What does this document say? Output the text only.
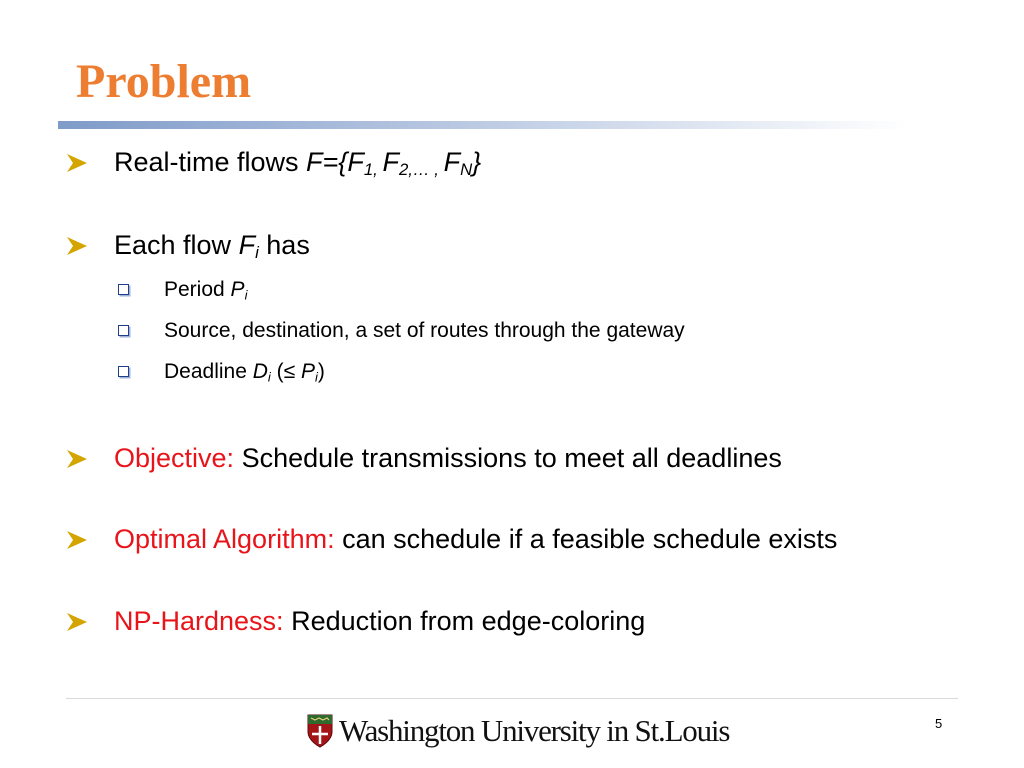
Problem
Real-time flows $F=\{F_{1,}$ $F_{2,\dots ,}$ $F_N$}
Each flow $F_i$ has
Period $P_i$
Source, destination, a set of routes through the gateway
Deadline $D_i$ (≤ $P_i$)
Objective: Schedule transmissions to meet all deadlines
Optimal Algorithm: can schedule if a feasible schedule exists
NP-Hardness: Reduction from edge-coloring
Washington University in St.Louis	5
